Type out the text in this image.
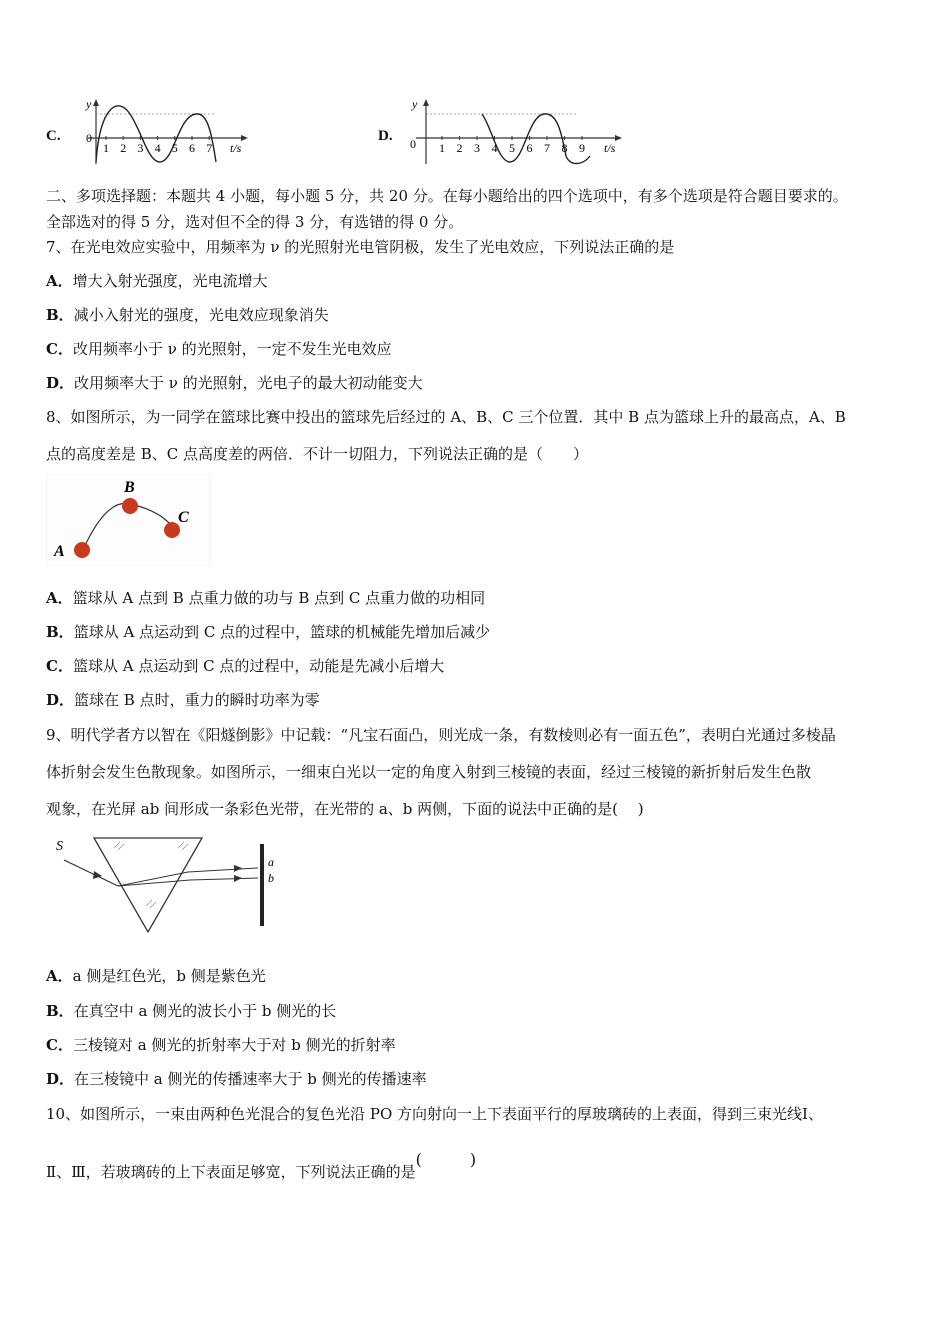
C.
y
0
1 2 3 4 5 6 7 t/s
D.
y
0 1 2 3 4 5 6 7 8 9 t/s
二、多项选择题：本题共 4 小题，每小题 5 分，共 20 分。在每小题给出的四个选项中，有多个选项是符合题目要求的。
全部选对的得 5 分，选对但不全的得 3 分，有选错的得 0 分。
7、在光电效应实验中，用频率为 ν 的光照射光电管阴极，发生了光电效应，下列说法正确的是
A．增大入射光强度，光电流增大
B．减小入射光的强度，光电效应现象消失
C．改用频率小于 ν 的光照射，一定不发生光电效应
D．改用频率大于 ν 的光照射，光电子的最大初动能变大
8、如图所示，为一同学在篮球比赛中投出的篮球先后经过的 A、B、C 三个位置．其中 B 点为篮球上升的最高点，A、B
点的高度差是 B、C 点高度差的两倍．不计一切阻力，下列说法正确的是（　　）
A
B
C
A．篮球从 A 点到 B 点重力做的功与 B 点到 C 点重力做的功相同
B．篮球从 A 点运动到 C 点的过程中，篮球的机械能先增加后减少
C．篮球从 A 点运动到 C 点的过程中，动能是先减小后增大
D．篮球在 B 点时，重力的瞬时功率为零
9、明代学者方以智在《阳燧倒影》中记载：“凡宝石面凸，则光成一条，有数棱则必有一面五色”，表明白光通过多棱晶
体折射会发生色散现象。如图所示，一细束白光以一定的角度入射到三棱镜的表面，经过三棱镜的新折射后发生色散
观象，在光屏 ab 间形成一条彩色光带，在光带的 a、b 两侧，下面的说法中正确的是(　 )
S
a
b
A．a 侧是红色光，b 侧是紫色光
B．在真空中 a 侧光的波长小于 b 侧光的长
C．三棱镜对 a 侧光的折射率大于对 b 侧光的折射率
D．在三棱镜中 a 侧光的传播速率大于 b 侧光的传播速率
10、如图所示，一束由两种色光混合的复色光沿 PO 方向射向一上下表面平行的厚玻璃砖的上表面，得到三束光线Ⅰ、
Ⅱ、Ⅲ，若玻璃砖的上下表面足够宽，下列说法正确的是(　　　)
